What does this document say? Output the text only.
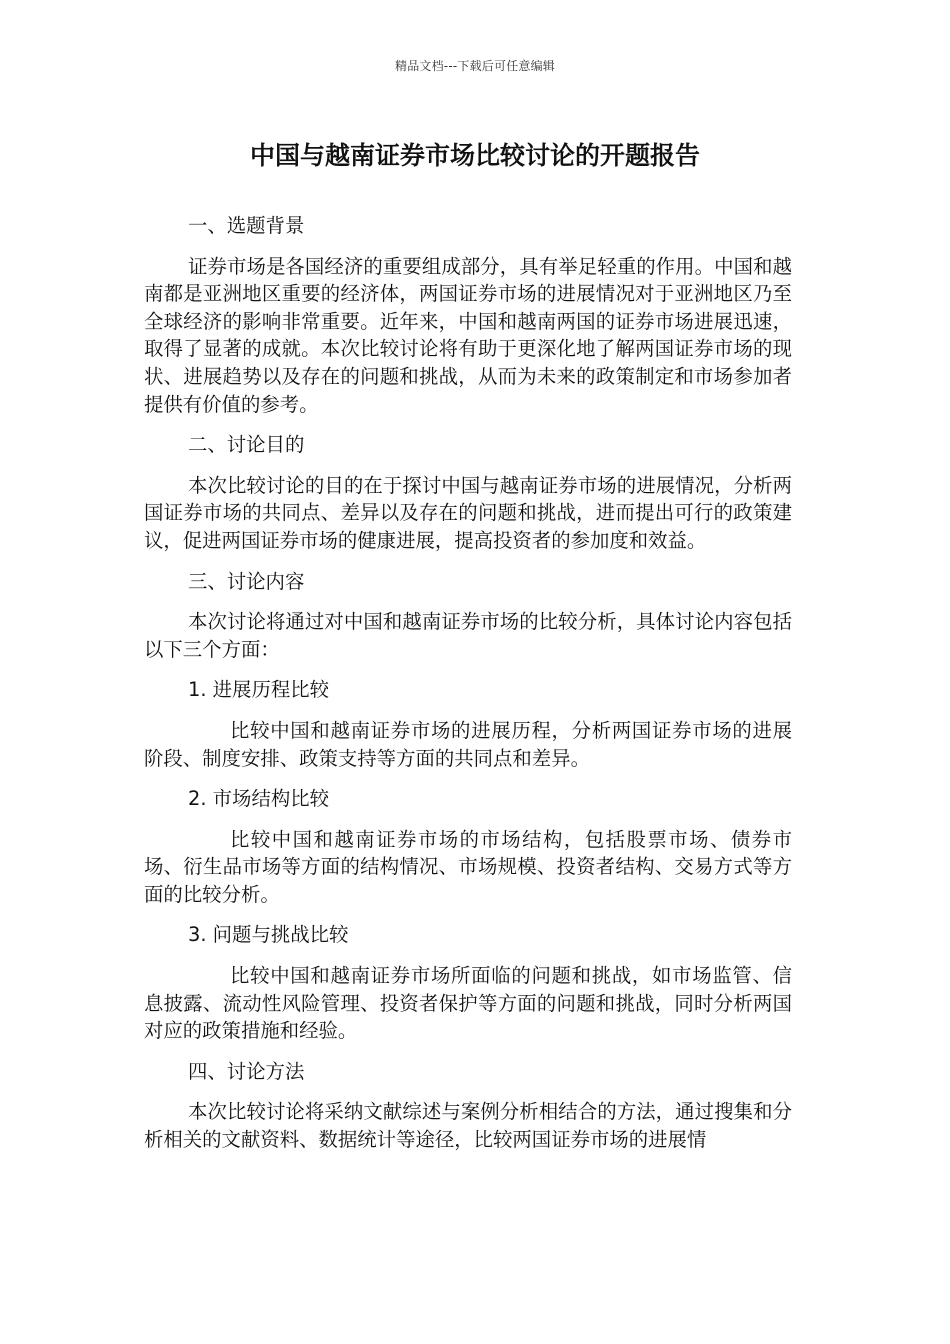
精品文档---下载后可任意编辑
中国与越南证券市场比较讨论的开题报告

一、选题背景

证券市场是各国经济的重要组成部分，具有举足轻重的作用。中国和越南都是亚洲地区重要的经济体，两国证券市场的进展情况对于亚洲地区乃至全球经济的影响非常重要。近年来，中国和越南两国的证券市场进展迅速，取得了显著的成就。本次比较讨论将有助于更深化地了解两国证券市场的现状、进展趋势以及存在的问题和挑战，从而为未来的政策制定和市场参加者提供有价值的参考。

二、讨论目的

本次比较讨论的目的在于探讨中国与越南证券市场的进展情况，分析两国证券市场的共同点、差异以及存在的问题和挑战，进而提出可行的政策建议，促进两国证券市场的健康进展，提高投资者的参加度和效益。

三、讨论内容

本次讨论将通过对中国和越南证券市场的比较分析，具体讨论内容包括以下三个方面：

1. 进展历程比较

比较中国和越南证券市场的进展历程，分析两国证券市场的进展阶段、制度安排、政策支持等方面的共同点和差异。

2. 市场结构比较

比较中国和越南证券市场的市场结构，包括股票市场、债券市场、衍生品市场等方面的结构情况、市场规模、投资者结构、交易方式等方面的比较分析。

3. 问题与挑战比较

比较中国和越南证券市场所面临的问题和挑战，如市场监管、信息披露、流动性风险管理、投资者保护等方面的问题和挑战，同时分析两国对应的政策措施和经验。

四、讨论方法

本次比较讨论将采纳文献综述与案例分析相结合的方法，通过搜集和分析相关的文献资料、数据统计等途径，比较两国证券市场的进展情
